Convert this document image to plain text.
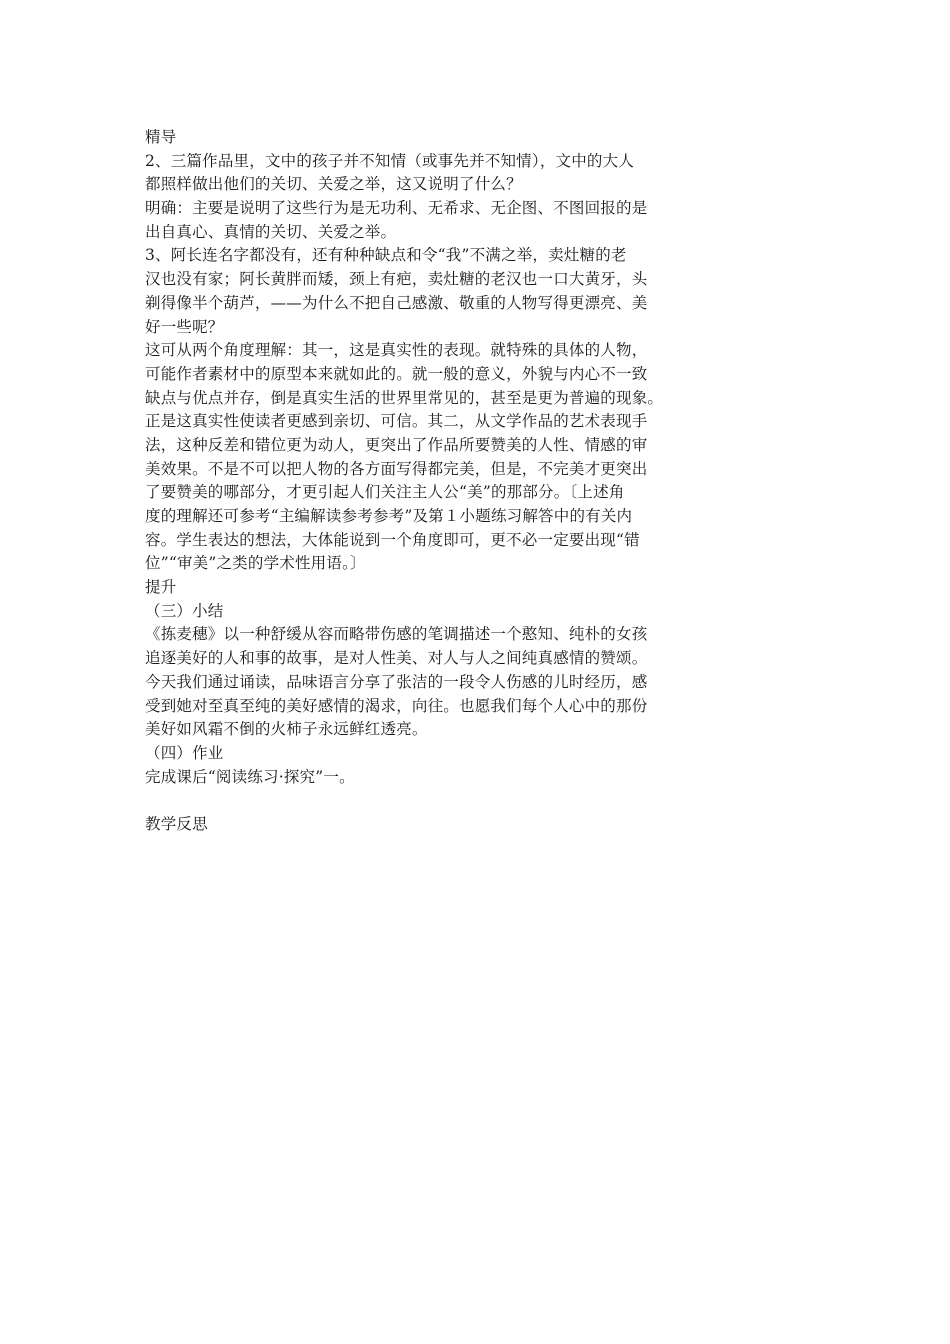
精导
2、三篇作品里，文中的孩子并不知情（或事先并不知情），文中的大人
都照样做出他们的关切、关爱之举，这又说明了什么？
明确：主要是说明了这些行为是无功利、无希求、无企图、不图回报的是
出自真心、真情的关切、关爱之举。
3、阿长连名字都没有，还有种种缺点和令“我”不满之举，卖灶糖的老
汉也没有家；阿长黄胖而矮，颈上有疤，卖灶糖的老汉也一口大黄牙，头
剃得像半个葫芦，——为什么不把自己感激、敬重的人物写得更漂亮、美
好一些呢？
这可从两个角度理解：其一，这是真实性的表现。就特殊的具体的人物，
可能作者素材中的原型本来就如此的。就一般的意义，外貌与内心不一致
缺点与优点并存，倒是真实生活的世界里常见的，甚至是更为普遍的现象。
正是这真实性使读者更感到亲切、可信。其二，从文学作品的艺术表现手
法，这种反差和错位更为动人，更突出了作品所要赞美的人性、情感的审
美效果。不是不可以把人物的各方面写得都完美，但是，不完美才更突出
了要赞美的哪部分，才更引起人们关注主人公“美”的那部分。〔上述角
度的理解还可参考“主编解读参考参考”及第１小题练习解答中的有关内
容。学生表达的想法，大体能说到一个角度即可，更不必一定要出现“错
位”“审美”之类的学术性用语。〕
提升
（三）小结
《拣麦穗》以一种舒缓从容而略带伤感的笔调描述一个憨知、纯朴的女孩
追逐美好的人和事的故事，是对人性美、对人与人之间纯真感情的赞颂。
今天我们通过诵读，品味语言分享了张洁的一段令人伤感的儿时经历，感
受到她对至真至纯的美好感情的渴求，向往。也愿我们每个人心中的那份
美好如风霜不倒的火柿子永远鲜红透亮。
（四）作业
完成课后“阅读练习·探究”一。
教学反思
